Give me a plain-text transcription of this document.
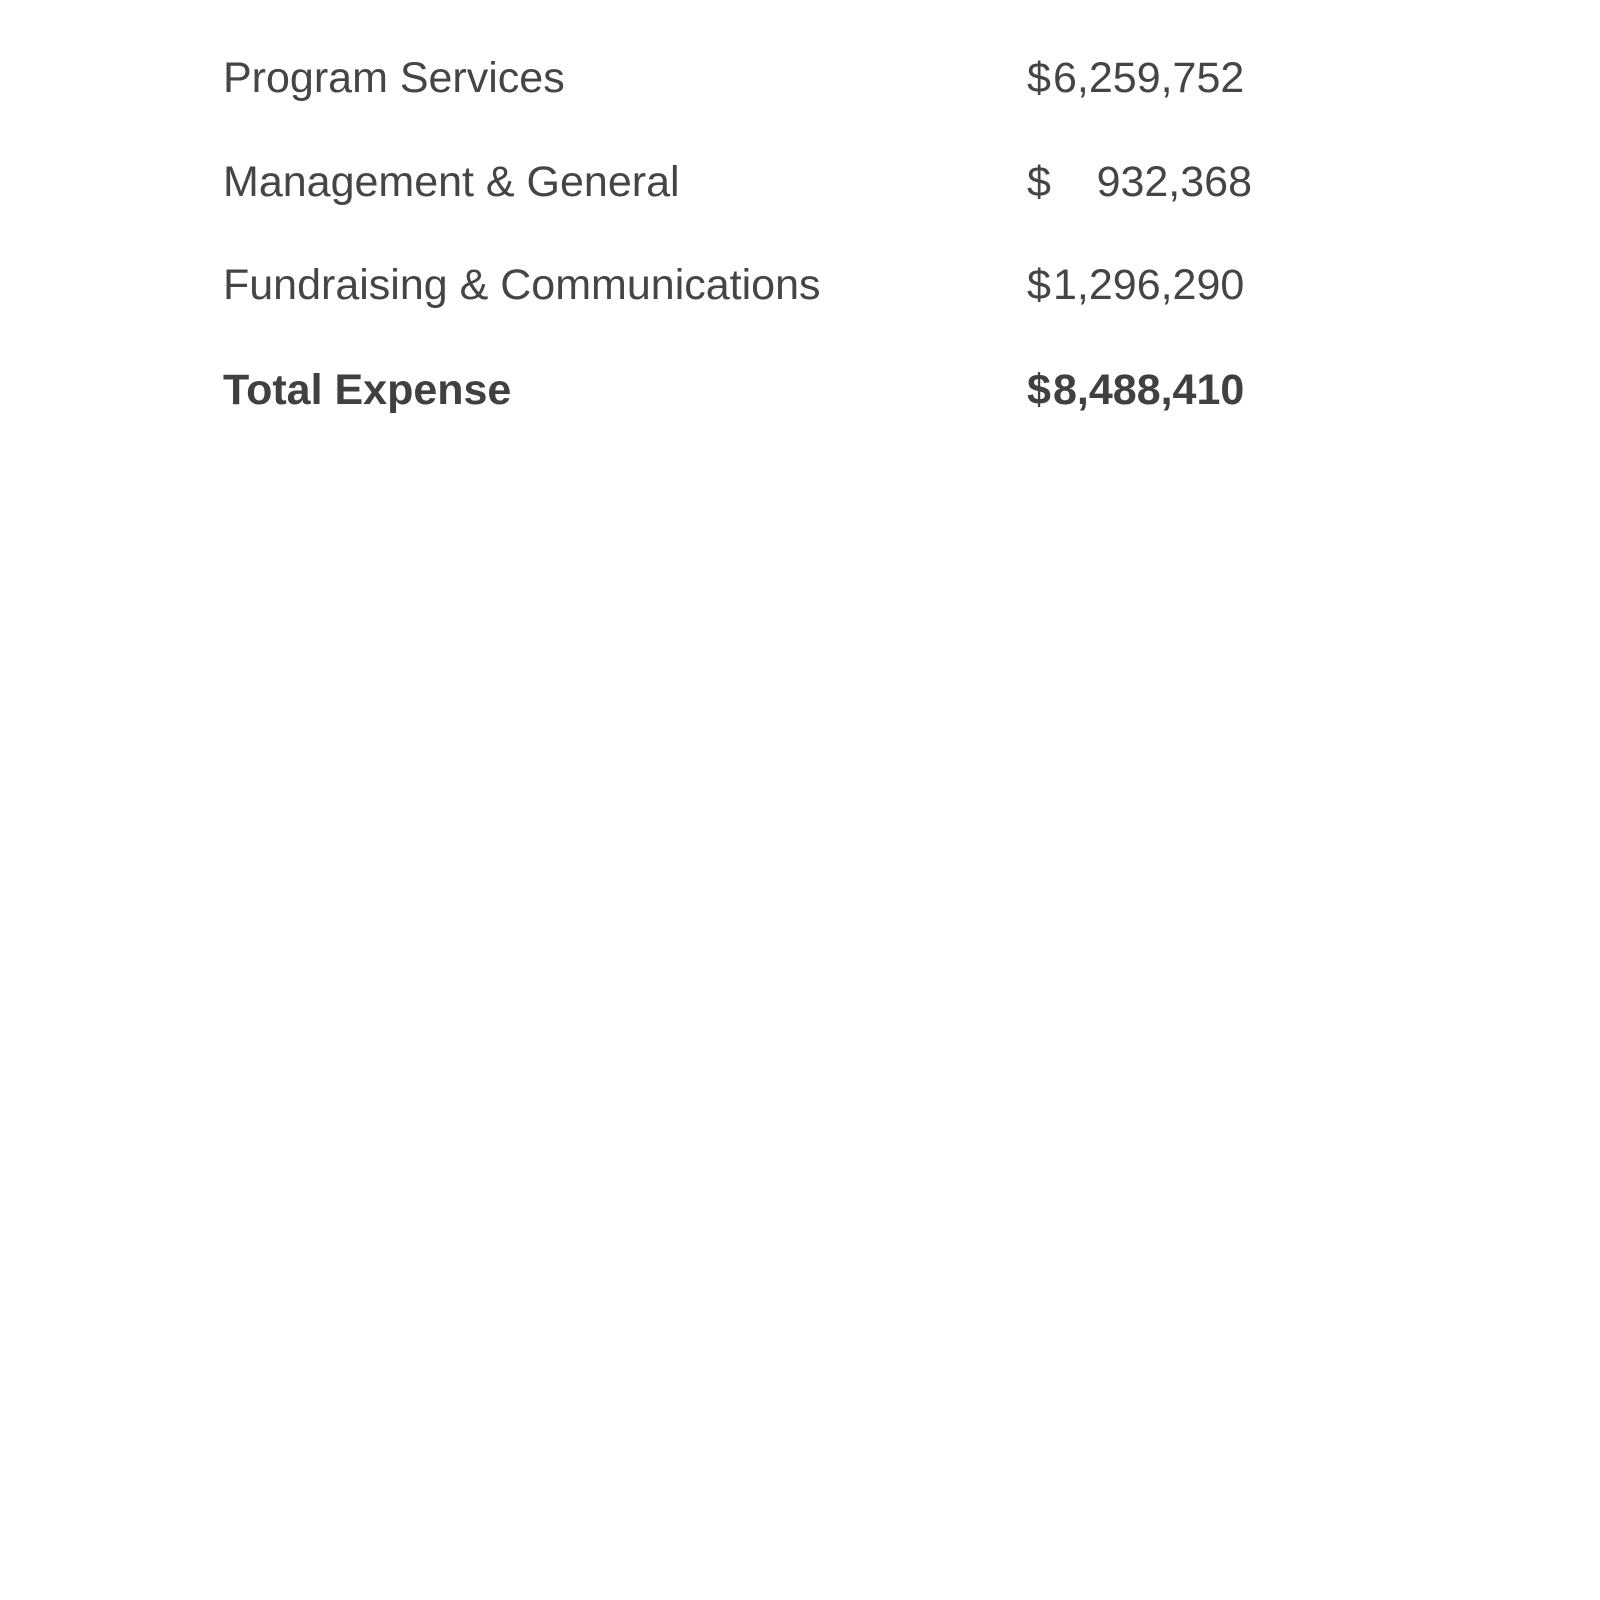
Program Services	$ 6,259,752
Management & General	$ 932,368
Fundraising & Communications	$ 1,296,290
Total Expense	$ 8,488,410
